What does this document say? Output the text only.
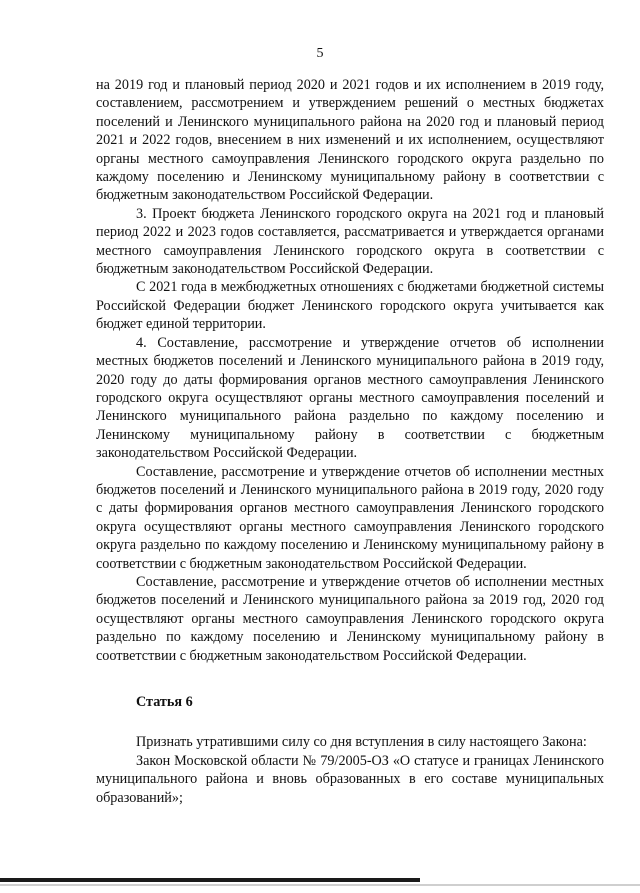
5

на 2019 год и плановый период 2020 и 2021 годов и их исполнением в 2019 году, составлением, рассмотрением и утверждением решений о местных бюджетах поселений и Ленинского муниципального района на 2020 год и плановый период 2021 и 2022 годов, внесением в них изменений и их исполнением, осуществляют органы местного самоуправления Ленинского городского округа раздельно по каждому поселению и Ленинскому муниципальному району в соответствии с бюджетным законодательством Российской Федерации.

3. Проект бюджета Ленинского городского округа на 2021 год и плановый период 2022 и 2023 годов составляется, рассматривается и утверждается органами местного самоуправления Ленинского городского округа в соответствии с бюджетным законодательством Российской Федерации.

С 2021 года в межбюджетных отношениях с бюджетами бюджетной системы Российской Федерации бюджет Ленинского городского округа учитывается как бюджет единой территории.

4. Составление, рассмотрение и утверждение отчетов об исполнении местных бюджетов поселений и Ленинского муниципального района в 2019 году, 2020 году до даты формирования органов местного самоуправления Ленинского городского округа осуществляют органы местного самоуправления поселений и Ленинского муниципального района раздельно по каждому поселению и Ленинскому муниципальному району в соответствии с бюджетным законодательством Российской Федерации.

Составление, рассмотрение и утверждение отчетов об исполнении местных бюджетов поселений и Ленинского муниципального района в 2019 году, 2020 году с даты формирования органов местного самоуправления Ленинского городского округа осуществляют органы местного самоуправления Ленинского городского округа раздельно по каждому поселению и Ленинскому муниципальному району в соответствии с бюджетным законодательством Российской Федерации.

Составление, рассмотрение и утверждение отчетов об исполнении местных бюджетов поселений и Ленинского муниципального района за 2019 год, 2020 год осуществляют органы местного самоуправления Ленинского городского округа раздельно по каждому поселению и Ленинскому муниципальному району в соответствии с бюджетным законодательством Российской Федерации.

Статья 6

Признать утратившими силу со дня вступления в силу настоящего Закона:

Закон Московской области № 79/2005-ОЗ «О статусе и границах Ленинского муниципального района и вновь образованных в его составе муниципальных образований»;
